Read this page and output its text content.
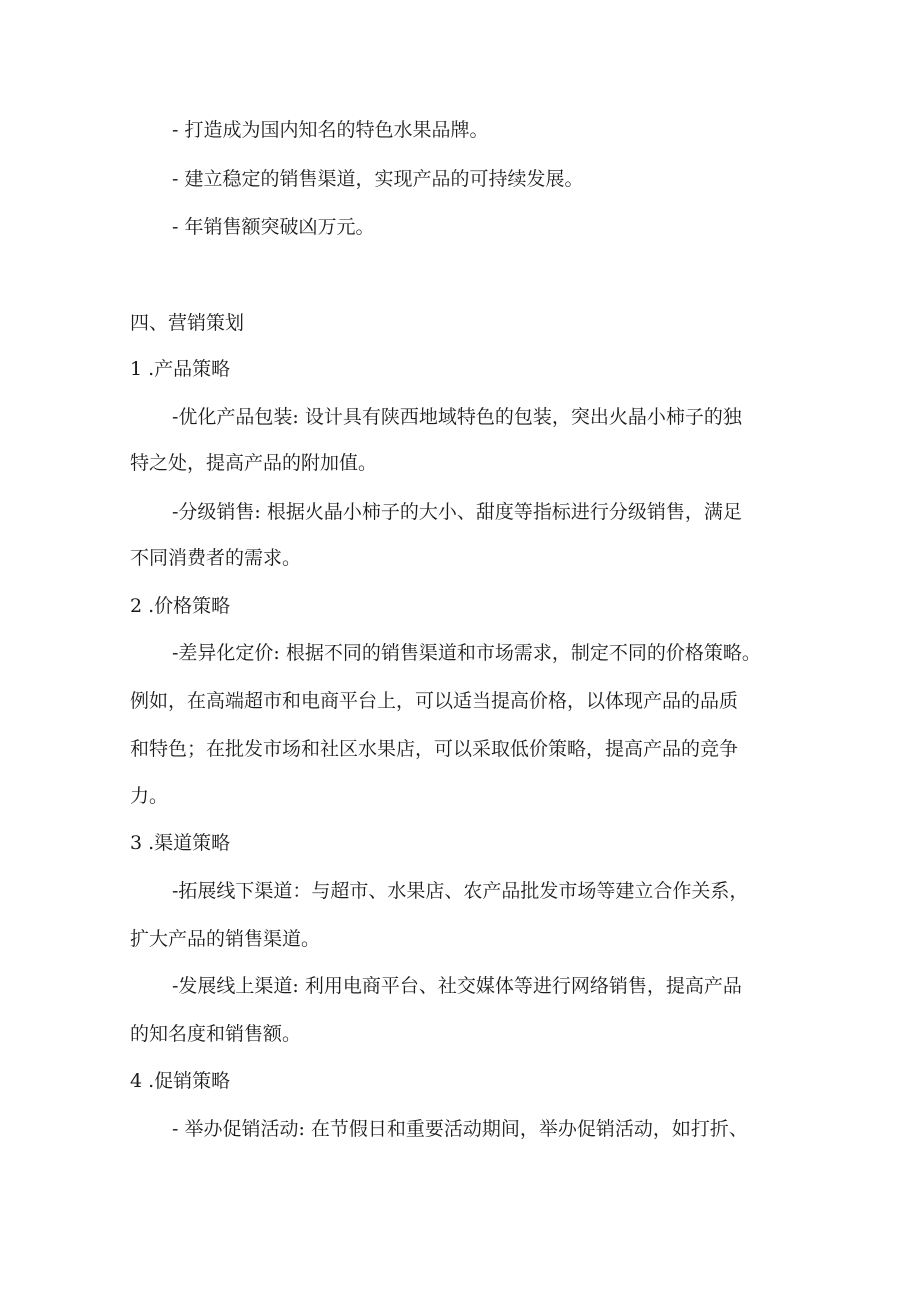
- 打造成为国内知名的特色水果品牌。
- 建立稳定的销售渠道，实现产品的可持续发展。
- 年销售额突破凶万元。
四、营销策划
1 .产品策略
-优化产品包装: 设计具有陕西地域特色的包装，突出火晶小柿子的独
特之处，提高产品的附加值。
-分级销售: 根据火晶小柿子的大小、甜度等指标进行分级销售，满足
不同消费者的需求。
2 .价格策略
-差异化定价: 根据不同的销售渠道和市场需求，制定不同的价格策略。
例如，在高端超市和电商平台上，可以适当提高价格，以体现产品的品质
和特色；在批发市场和社区水果店，可以采取低价策略，提高产品的竞争
力。
3 .渠道策略
-拓展线下渠道：与超市、水果店、农产品批发市场等建立合作关系，
扩大产品的销售渠道。
-发展线上渠道: 利用电商平台、社交媒体等进行网络销售，提高产品
的知名度和销售额。
4 .促销策略
- 举办促销活动: 在节假日和重要活动期间，举办促销活动，如打折、
